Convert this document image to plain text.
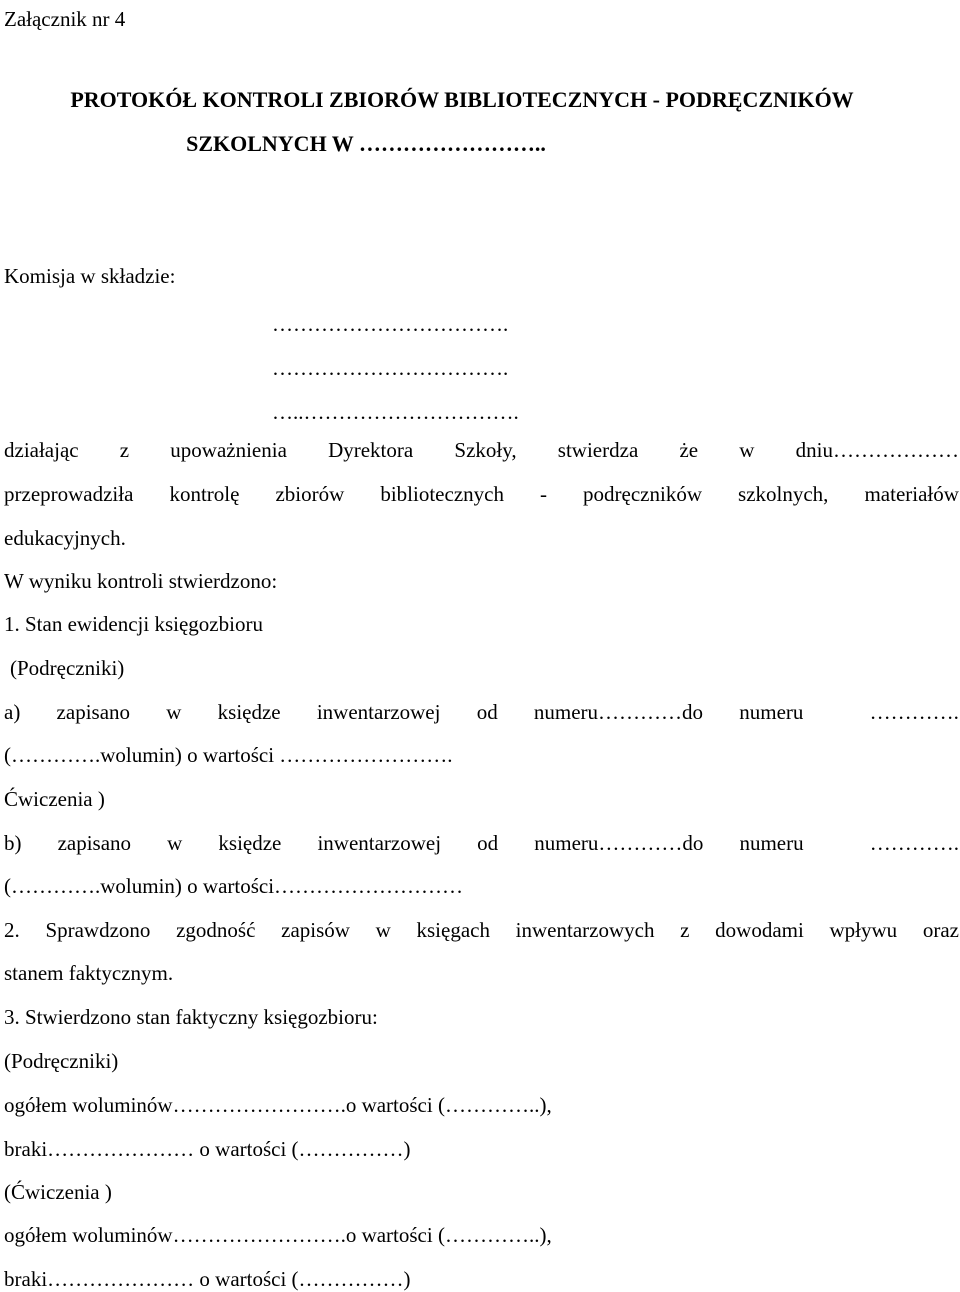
Załącznik nr 4
PROTOKÓŁ KONTROLI ZBIORÓW BIBLIOTECZNYCH - PODRĘCZNIKÓW
SZKOLNYCH W ……………………..
Komisja w składzie:
…………………………….
…………………………….
…..………………………….
działając z upoważnienia Dyrektora Szkoły, stwierdza że w dniu………………
przeprowadziła kontrolę zbiorów bibliotecznych - podręczników szkolnych, materiałów
edukacyjnych.
W wyniku kontroli stwierdzono:
1. Stan ewidencji księgozbioru
(Podręczniki)
a) zapisano w księdze inwentarzowej od numeru…………do numeru	………….
(………….wolumin) o wartości …………………….
Ćwiczenia )
b) zapisano w księdze inwentarzowej od numeru…………do numeru	………….
(………….wolumin) o wartości………………………
2. Sprawdzono zgodność zapisów w księgach inwentarzowych z dowodami wpływu oraz
stanem faktycznym.
3. Stwierdzono stan faktyczny księgozbioru:
(Podręczniki)
ogółem woluminów…………………….o wartości (…………..),
braki………………… o wartości (……………)
(Ćwiczenia )
ogółem woluminów…………………….o wartości (…………..),
braki………………… o wartości (……………)
